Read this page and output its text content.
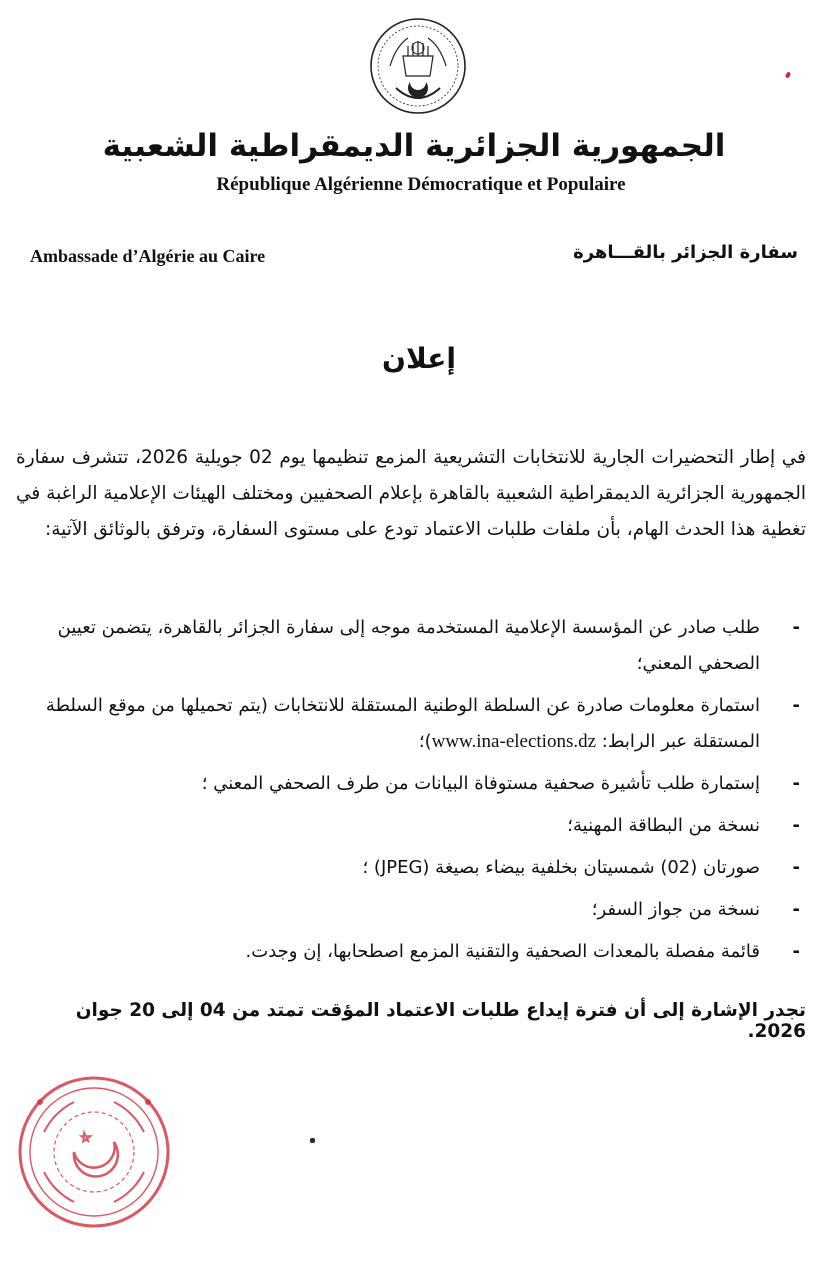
الجمهورية الجزائرية الديمقراطية الشعبية
République Algérienne Démocratique et Populaire
Ambassade d’Algérie au Caire	سفارة الجزائر بالقـــاهرة
إعلان
في إطار التحضيرات الجارية للانتخابات التشريعية المزمع تنظيمها يوم 02 جويلية 2026، تتشرف سفارة الجمهورية الجزائرية الديمقراطية الشعبية بالقاهرة بإعلام الصحفيين ومختلف الهيئات الإعلامية الراغبة في تغطية هذا الحدث الهام، بأن ملفات طلبات الاعتماد تودع على مستوى السفارة، وترفق بالوثائق الآتية:
-
طلب صادر عن المؤسسة الإعلامية المستخدمة موجه إلى سفارة الجزائر بالقاهرة، يتضمن تعيين الصحفي المعني؛
-
استمارة معلومات صادرة عن السلطة الوطنية المستقلة للانتخابات (يتم تحميلها من موقع السلطة المستقلة عبر الرابط: www.ina-elections.dz)؛
-
إستمارة طلب تأشيرة صحفية مستوفاة البيانات من طرف الصحفي المعني ؛
-
نسخة من البطاقة المهنية؛
-
صورتان (02) شمسيتان بخلفية بيضاء بصيغة (JPEG) ؛
-
نسخة من جواز السفر؛
-
قائمة مفصلة بالمعدات الصحفية والتقنية المزمع اصطحابها، إن وجدت.
تجدر الإشارة إلى أن فترة إيداع طلبات الاعتماد المؤقت تمتد من 04 إلى 20 جوان 2026.
